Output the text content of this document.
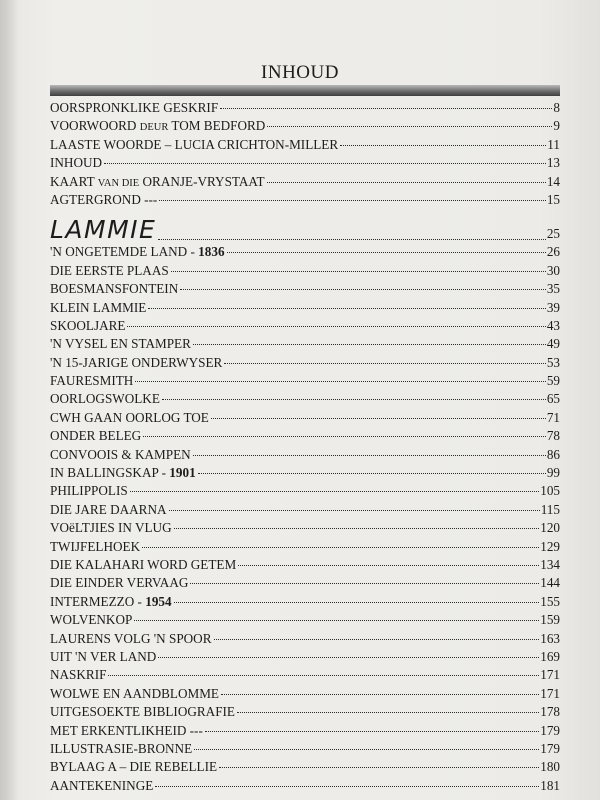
INHOUD
OORSPRONKLIKE GESKRIF	8
VOORWOORD DEUR TOM BEDFORD	9
LAASTE WOORDE – LUCIA CRICHTON-MILLER	11
INHOUD	13
KAART VAN DIE ORANJE-VRYSTAAT	14
AGTERGROND ---	15
LAMMIE	25
'N ONGETEMDE LAND - 1836	26
DIE EERSTE PLAAS	30
BOESMANSFONTEIN	35
KLEIN LAMMIE	39
SKOOLJARE	43
'N VYSEL EN STAMPER	49
'N 15-JARIGE ONDERWYSER	53
FAURESMITH	59
OORLOGSWOLKE	65
CWH GAAN OORLOG TOE	71
ONDER BELEG	78
CONVOOIS & KAMPEN	86
IN BALLINGSKAP - 1901	99
PHILIPPOLIS	105
DIE JARE DAARNA	115
VOëLTJIES IN VLUG	120
TWIJFELHOEK	129
DIE KALAHARI WORD GETEM	134
DIE EINDER VERVAAG	144
INTERMEZZO - 1954	155
WOLVENKOP	159
LAURENS VOLG 'N SPOOR	163
UIT 'N VER LAND	169
NASKRIF	171
WOLWE EN AANDBLOMME	171
UITGESOEKTE BIBLIOGRAFIE	178
MET ERKENTLIKHEID ---	179
ILLUSTRASIE-BRONNE	179
BYLAAG A – DIE REBELLIE	180
AANTEKENINGE	181
